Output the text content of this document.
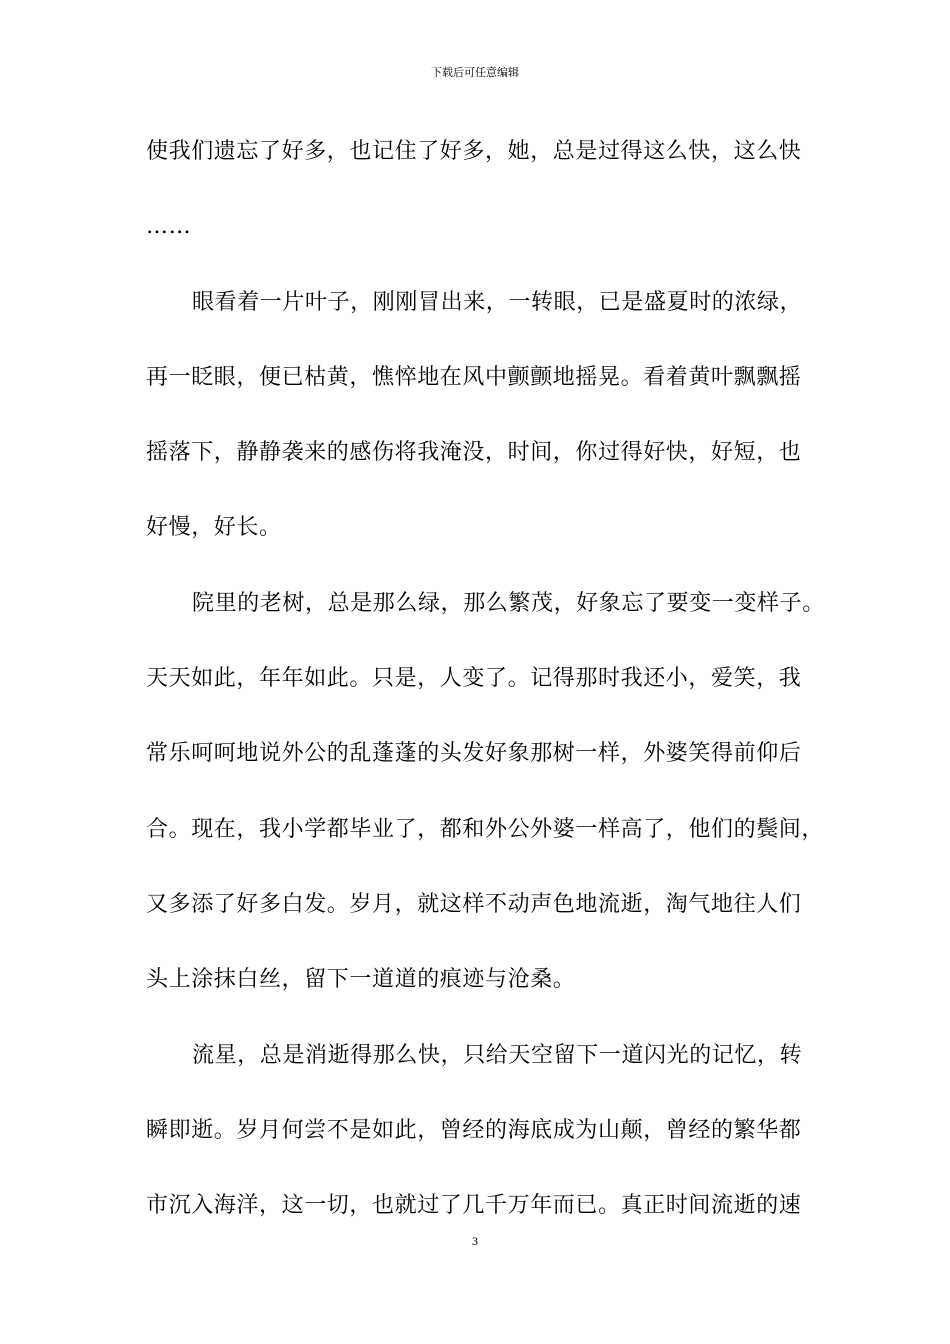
下载后可任意编辑
使我们遗忘了好多，也记住了好多，她，总是过得这么快，这么快
……
眼看着一片叶子，刚刚冒出来，一转眼，已是盛夏时的浓绿，
再一眨眼，便已枯黄，憔悴地在风中颤颤地摇晃。看着黄叶飘飘摇
摇落下，静静袭来的感伤将我淹没，时间，你过得好快，好短，也
好慢，好长。
院里的老树，总是那么绿，那么繁茂，好象忘了要变一变样子。
天天如此，年年如此。只是，人变了。记得那时我还小，爱笑，我
常乐呵呵地说外公的乱蓬蓬的头发好象那树一样，外婆笑得前仰后
合。现在，我小学都毕业了，都和外公外婆一样高了，他们的鬓间，
又多添了好多白发。岁月，就这样不动声色地流逝，淘气地往人们
头上涂抹白丝，留下一道道的痕迹与沧桑。
流星，总是消逝得那么快，只给天空留下一道闪光的记忆，转
瞬即逝。岁月何尝不是如此，曾经的海底成为山颠，曾经的繁华都
市沉入海洋，这一切，也就过了几千万年而已。真正时间流逝的速
3
